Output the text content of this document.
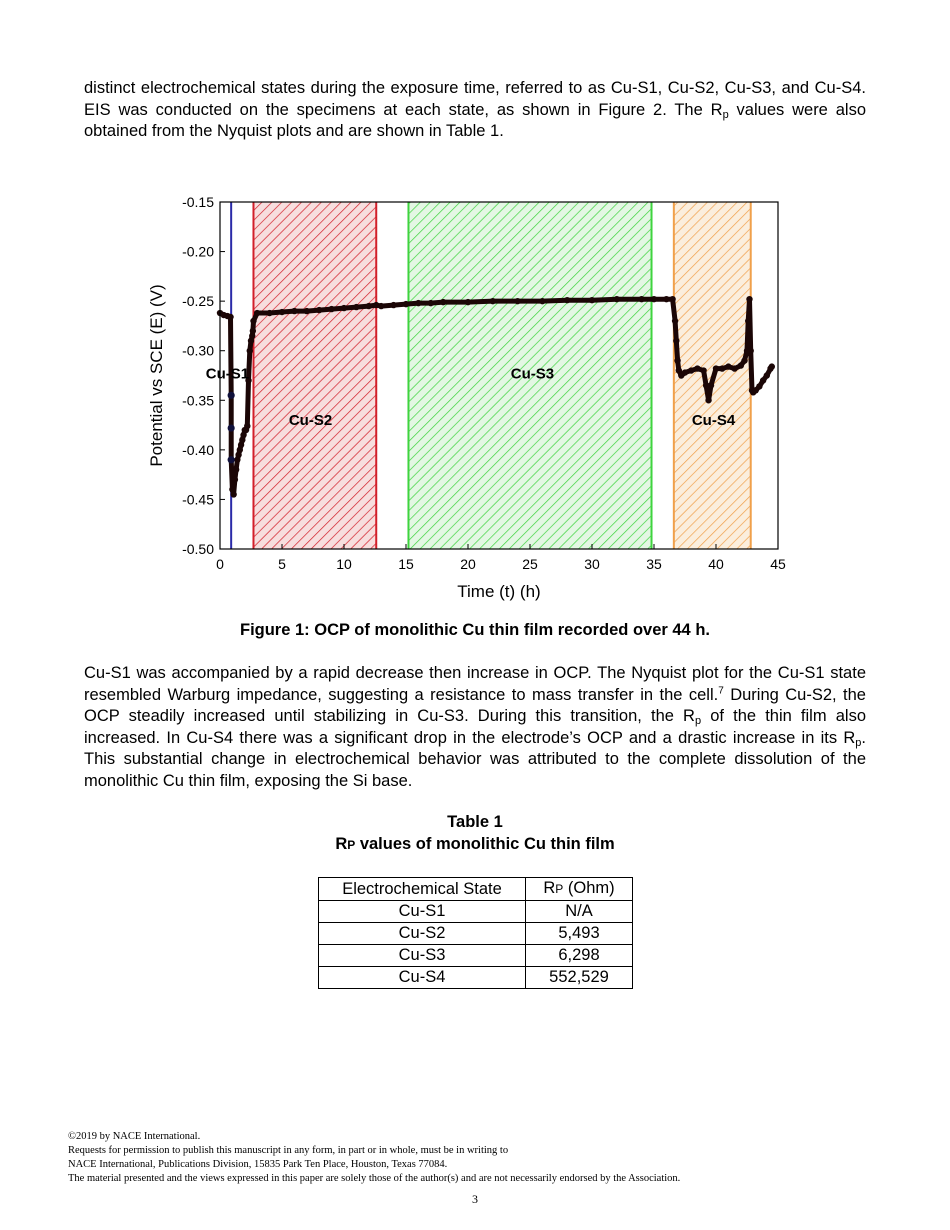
distinct electrochemical states during the exposure time, referred to as Cu-S1, Cu-S2, Cu-S3, and Cu-S4. EIS was conducted on the specimens at each state, as shown in Figure 2. The $R_p$ values were also obtained from the Nyquist plots and are shown in Table 1.
0	5	10	15	20	25	30	35	40	45
-0.15
-0.20
-0.25
-0.30
-0.35
-0.40
-0.45
-0.50
Cu-S1
Cu-S2
Cu-S3
Cu-S4
Time (t) (h)
Potential vs SCE (E) (V)
Figure 1: OCP of monolithic Cu thin film recorded over 44 h.
Cu-S1 was accompanied by a rapid decrease then increase in OCP. The Nyquist plot for the Cu-S1 state resembled Warburg impedance, suggesting a resistance to mass transfer in the cell.$^7$ During Cu-S2, the OCP steadily increased until stabilizing in Cu-S3. During this transition, the $R_p$ of the thin film also increased. In Cu-S4 there was a significant drop in the electrode’s OCP and a drastic increase in its $R_p$. This substantial change in electrochemical behavior was attributed to the complete dissolution of the monolithic Cu thin film, exposing the Si base.
Table 1
RP values of monolithic Cu thin film
Electrochemical State	RP (Ohm)
Cu-S1	N/A
Cu-S2	5,493
Cu-S3	6,298
Cu-S4	552,529
©2019 by NACE International.
Requests for permission to publish this manuscript in any form, in part or in whole, must be in writing to
NACE International, Publications Division, 15835 Park Ten Place, Houston, Texas 77084.
The material presented and the views expressed in this paper are solely those of the author(s) and are not necessarily endorsed by the Association.
3
